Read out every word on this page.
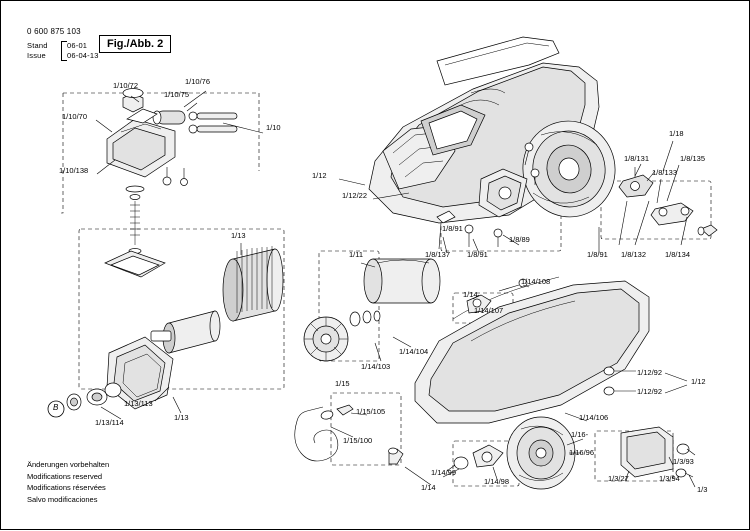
0 600 875 103
Stand
Issue
06-01
06-04-13
Fig./Abb. 2
Änderungen vorbehalten
Modifications reserved
Modifications réservées
Salvo modificaciones
1/10/72	1/10/76
1/10/75
1/10/70
1/10
1/10/138
1/12
1/12/22
1/18
1/8/131	1/8/135
1/8/133
1/8/91 1/8/132	1/8/134
1/8/137 1/8/91
1/8/89
1/8/91
1/13
1/11
1/14
1/14/108
1/14/107
1/14/104
1/14/103
1/15
1/15/105
1/15/100
1/13/113
1/13/114
1/13
1/12/92
1/12/92
1/12
1/14/106
1/16-
1/16/96
1/3/93
1/3/94
1/3
1/3/27
1/14/98
1/14/99
1/14
B
